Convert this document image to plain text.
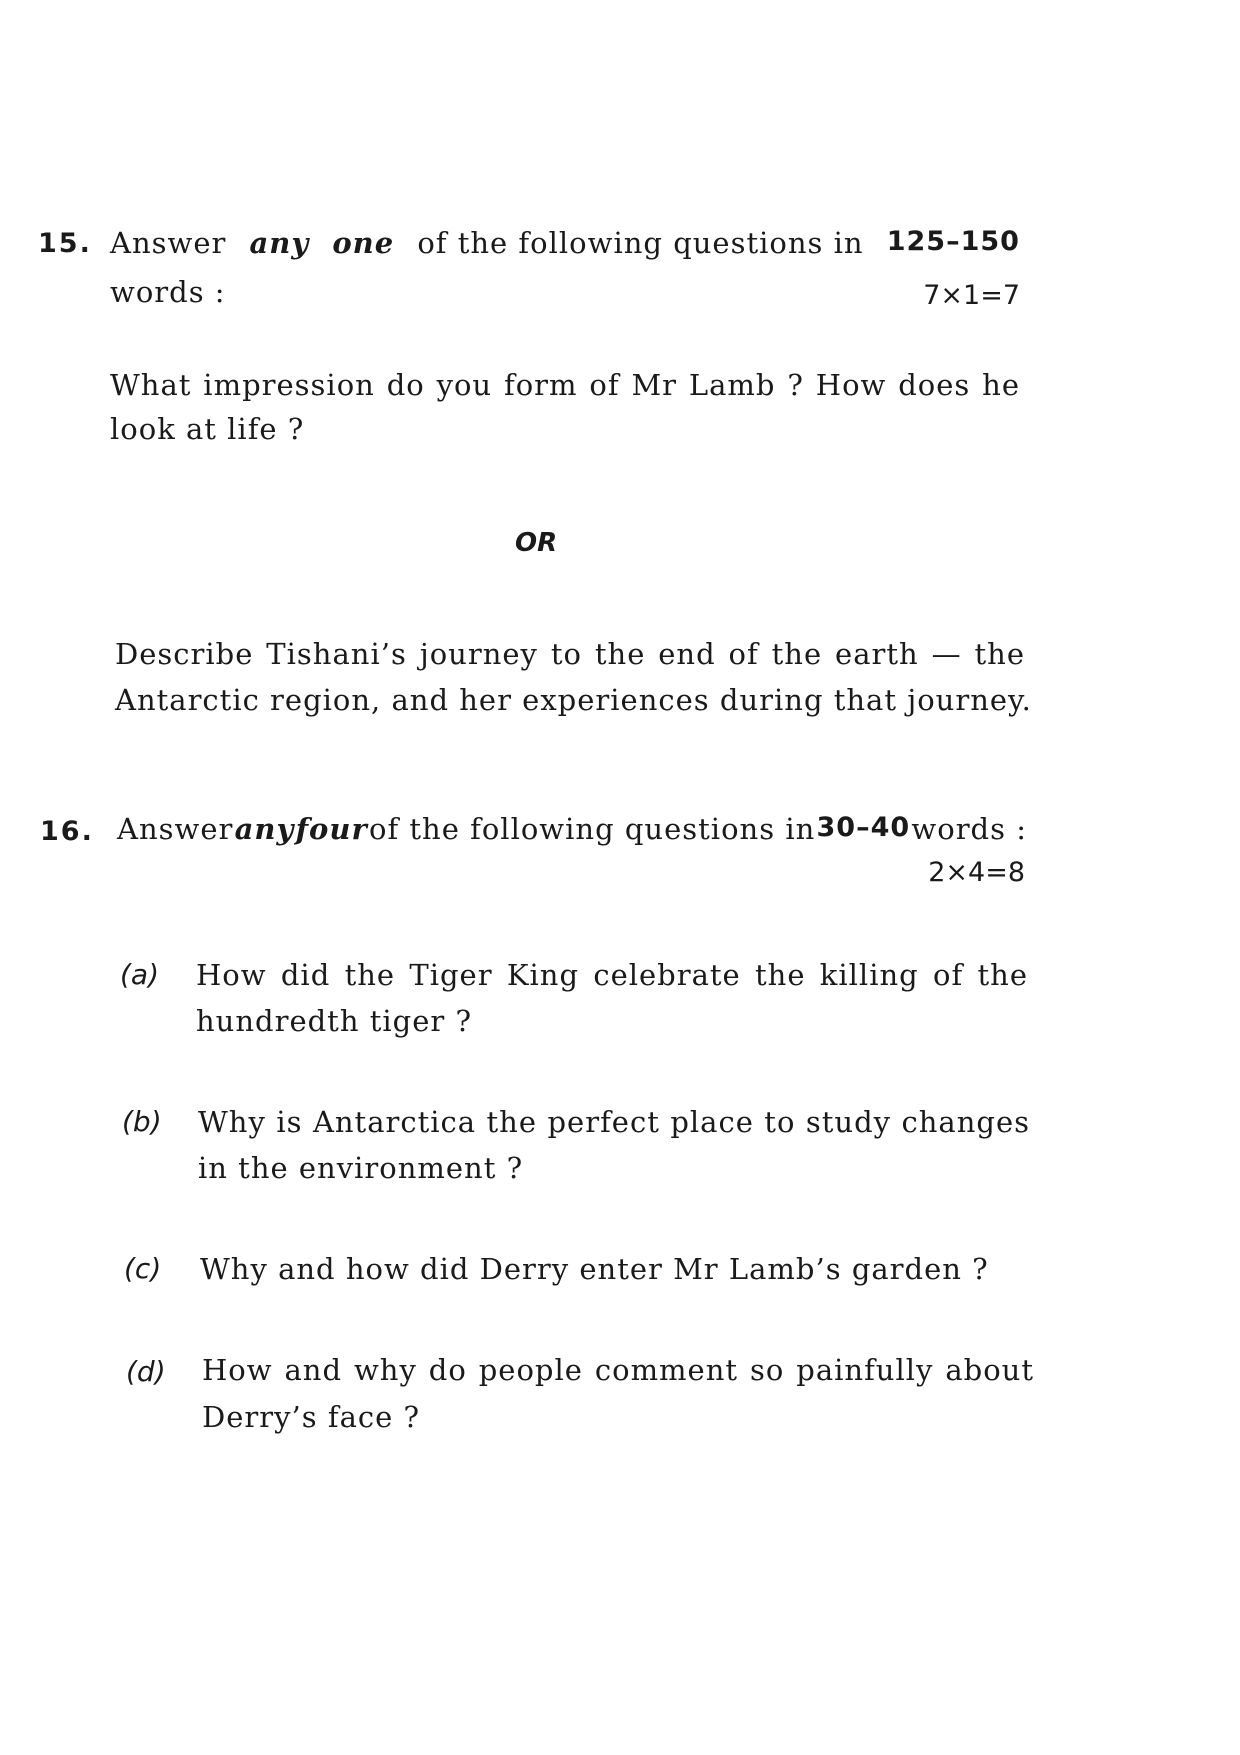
15. Answer any one of the following questions in 125–150
words :	7×1=7
What impression do you form of Mr Lamb ? How does he
look at life ?
OR
Describe Tishani’s journey to the end of the earth — the
Antarctic region, and her experiences during that journey.
16. Answer any four of the following questions in 30–40 words :
2×4=8
(a) How did the Tiger King celebrate the killing of the
hundredth tiger ?
(b) Why is Antarctica the perfect place to study changes
in the environment ?
(c) Why and how did Derry enter Mr Lamb’s garden ?
(d) How and why do people comment so painfully about
Derry’s face ?
